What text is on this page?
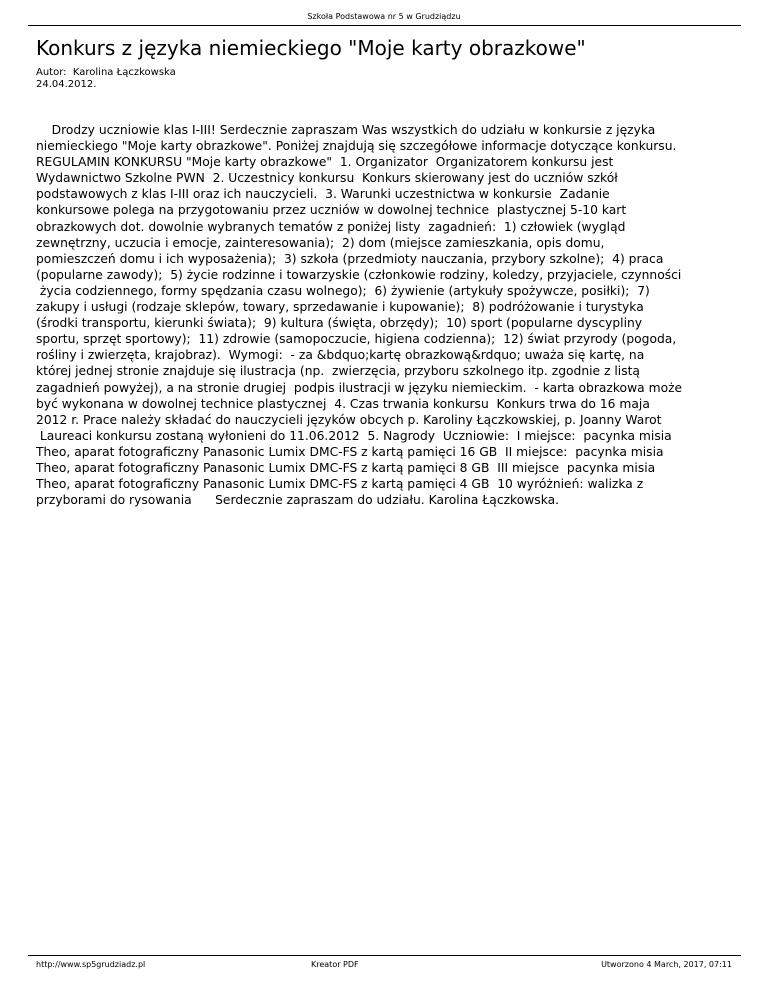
Szkoła Podstawowa nr 5 w Grudziądzu
Konkurs z języka niemieckiego "Moje karty obrazkowe"
Autor:  Karolina Łączkowska
24.04.2012.
Drodzy uczniowie klas I-III! Serdecznie zapraszam Was wszystkich do udziału w konkursie z języka
niemieckiego "Moje karty obrazkowe". Poniżej znajdują się szczegółowe informacje dotyczące konkursu.
REGULAMIN KONKURSU "Moje karty obrazkowe"  1. Organizator  Organizatorem konkursu jest
Wydawnictwo Szkolne PWN  2. Uczestnicy konkursu  Konkurs skierowany jest do uczniów szkół
podstawowych z klas I-III oraz ich nauczycieli.  3. Warunki uczestnictwa w konkursie  Zadanie
konkursowe polega na przygotowaniu przez uczniów w dowolnej technice  plastycznej 5-10 kart
obrazkowych dot. dowolnie wybranych tematów z poniżej listy  zagadnień:  1) człowiek (wygląd
zewnętrzny, uczucia i emocje, zainteresowania);  2) dom (miejsce zamieszkania, opis domu,
pomieszczeń domu i ich wyposażenia);  3) szkoła (przedmioty nauczania, przybory szkolne);  4) praca
(popularne zawody);  5) życie rodzinne i towarzyskie (członkowie rodziny, koledzy, przyjaciele, czynności
życia codziennego, formy spędzania czasu wolnego);  6) żywienie (artykuły spożywcze, posiłki);  7)
zakupy i usługi (rodzaje sklepów, towary, sprzedawanie i kupowanie);  8) podróżowanie i turystyka
(środki transportu, kierunki świata);  9) kultura (święta, obrzędy);  10) sport (popularne dyscypliny
sportu, sprzęt sportowy);  11) zdrowie (samopoczucie, higiena codzienna);  12) świat przyrody (pogoda,
rośliny i zwierzęta, krajobraz).  Wymogi:  - za &bdquo;kartę obrazkową&rdquo; uważa się kartę, na
której jednej stronie znajduje się ilustracja (np.  zwierzęcia, przyboru szkolnego itp. zgodnie z listą
zagadnień powyżej), a na stronie drugiej  podpis ilustracji w języku niemieckim.  - karta obrazkowa może
być wykonana w dowolnej technice plastycznej  4. Czas trwania konkursu  Konkurs trwa do 16 maja
2012 r. Prace należy składać do nauczycieli języków obcych p. Karoliny Łączkowskiej, p. Joanny Warot
Laureaci konkursu zostaną wyłonieni do 11.06.2012  5. Nagrody  Uczniowie:  I miejsce:  pacynka misia
Theo, aparat fotograficzny Panasonic Lumix DMC-FS z kartą pamięci 16 GB  II miejsce:  pacynka misia
Theo, aparat fotograficzny Panasonic Lumix DMC-FS z kartą pamięci 8 GB  III miejsce  pacynka misia
Theo, aparat fotograficzny Panasonic Lumix DMC-FS z kartą pamięci 4 GB  10 wyróżnień: walizka z
przyborami do rysowania      Serdecznie zapraszam do udziału. Karolina Łączkowska.
http://www.sp5grudziadz.pl	Kreator PDF	Utworzono 4 March, 2017, 07:11
